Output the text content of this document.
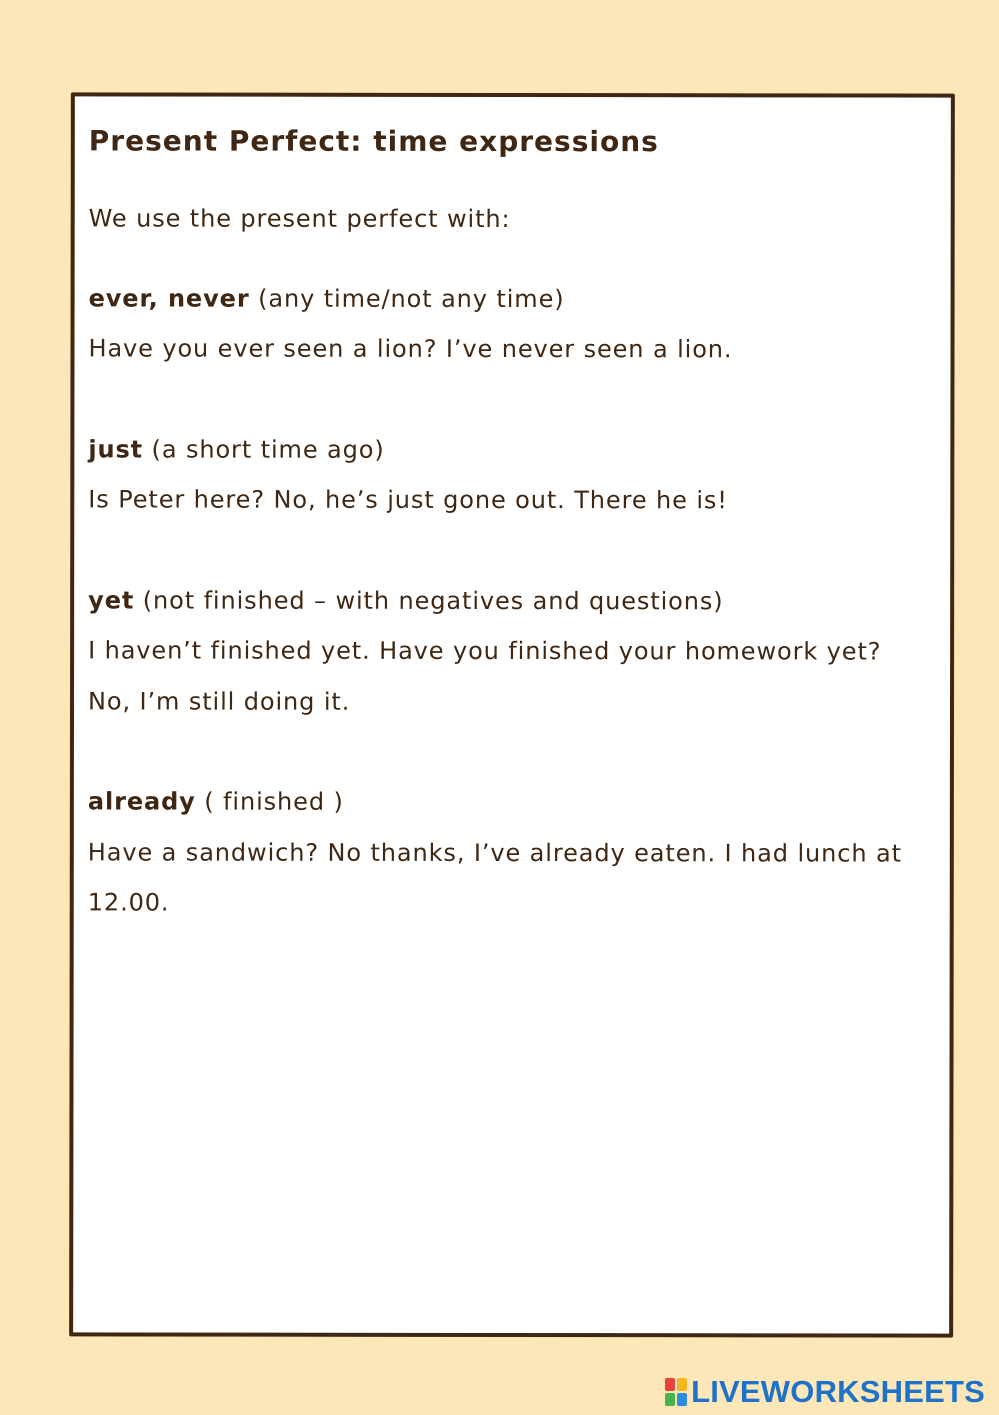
Present Perfect: time expressions
We use the present perfect with:
ever, never (any time/not any time)
Have you ever seen a lion? I’ve never seen a lion.
just (a short time ago)
Is Peter here? No, he’s just gone out. There he is!
yet (not finished – with negatives and questions)
I haven’t finished yet. Have you finished your homework yet?
No, I’m still doing it.
already ( finished )
Have a sandwich? No thanks, I’ve already eaten. I had lunch at
12.00.
LIVEWORKSHEETS
